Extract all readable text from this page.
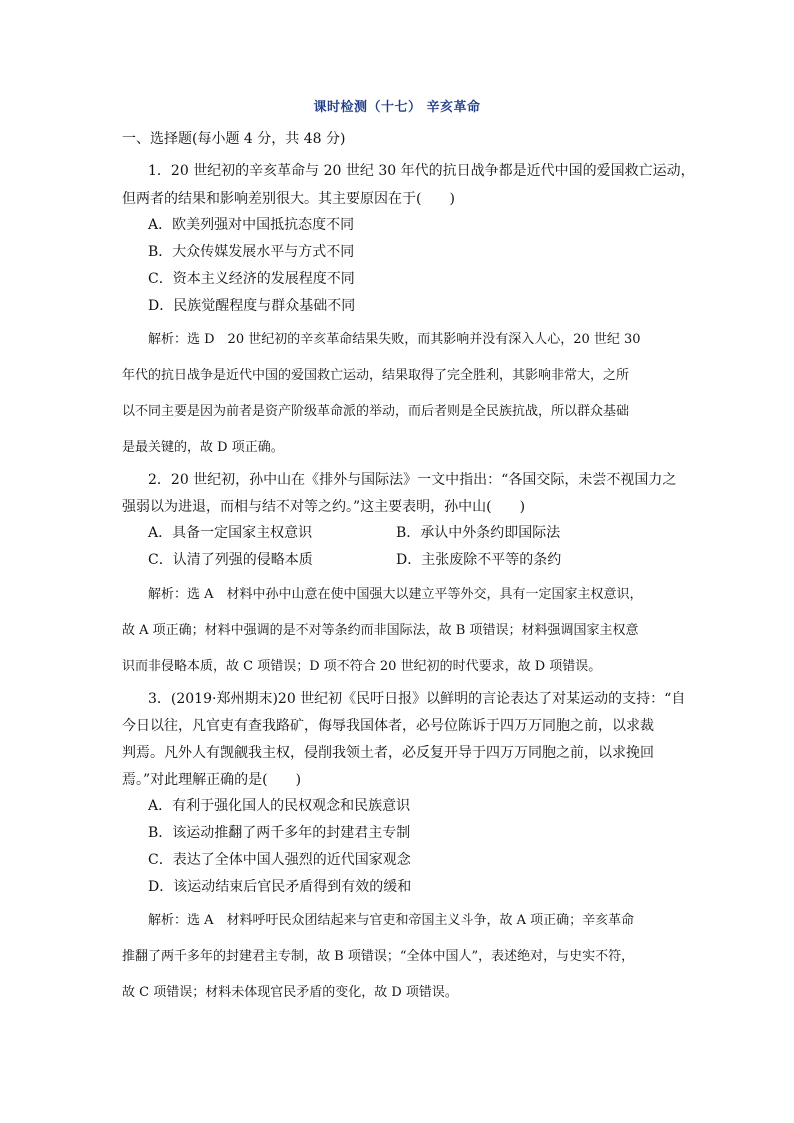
课时检测（十七） 辛亥革命
一、选择题(每小题 4 分，共 48 分)
1．20 世纪初的辛亥革命与 20 世纪 30 年代的抗日战争都是近代中国的爱国救亡运动，
但两者的结果和影响差别很大。其主要原因在于(　　)
A．欧美列强对中国抵抗态度不同
B．大众传媒发展水平与方式不同
C．资本主义经济的发展程度不同
D．民族觉醒程度与群众基础不同
解析：选 D　20 世纪初的辛亥革命结果失败，而其影响并没有深入人心，20 世纪 30
年代的抗日战争是近代中国的爱国救亡运动，结果取得了完全胜利，其影响非常大，之所
以不同主要是因为前者是资产阶级革命派的举动，而后者则是全民族抗战，所以群众基础
是最关键的，故 D 项正确。
2．20 世纪初，孙中山在《排外与国际法》一文中指出：“各国交际，未尝不视国力之
强弱以为进退，而相与结不对等之约。”这主要表明，孙中山(　　)
A．具备一定国家主权意识	B．承认中外条约即国际法
C．认清了列强的侵略本质	D．主张废除不平等的条约
解析：选 A　材料中孙中山意在使中国强大以建立平等外交，具有一定国家主权意识，
故 A 项正确；材料中强调的是不对等条约而非国际法，故 B 项错误；材料强调国家主权意
识而非侵略本质，故 C 项错误；D 项不符合 20 世纪初的时代要求，故 D 项错误。
3．(2019·郑州期末)20 世纪初《民吁日报》以鲜明的言论表达了对某运动的支持：“自
今日以往，凡官吏有查我路矿，侮辱我国体者，必号位陈诉于四万万同胞之前，以求裁
判焉。凡外人有觊觎我主权，侵削我领土者，必反复开导于四万万同胞之前，以求挽回
焉。”对此理解正确的是(　　)
A．有利于强化国人的民权观念和民族意识
B．该运动推翻了两千多年的封建君主专制
C．表达了全体中国人强烈的近代国家观念
D．该运动结束后官民矛盾得到有效的缓和
解析：选 A　材料呼吁民众团结起来与官吏和帝国主义斗争，故 A 项正确；辛亥革命
推翻了两千多年的封建君主专制，故 B 项错误；“全体中国人”，表述绝对，与史实不符，
故 C 项错误；材料未体现官民矛盾的变化，故 D 项错误。
